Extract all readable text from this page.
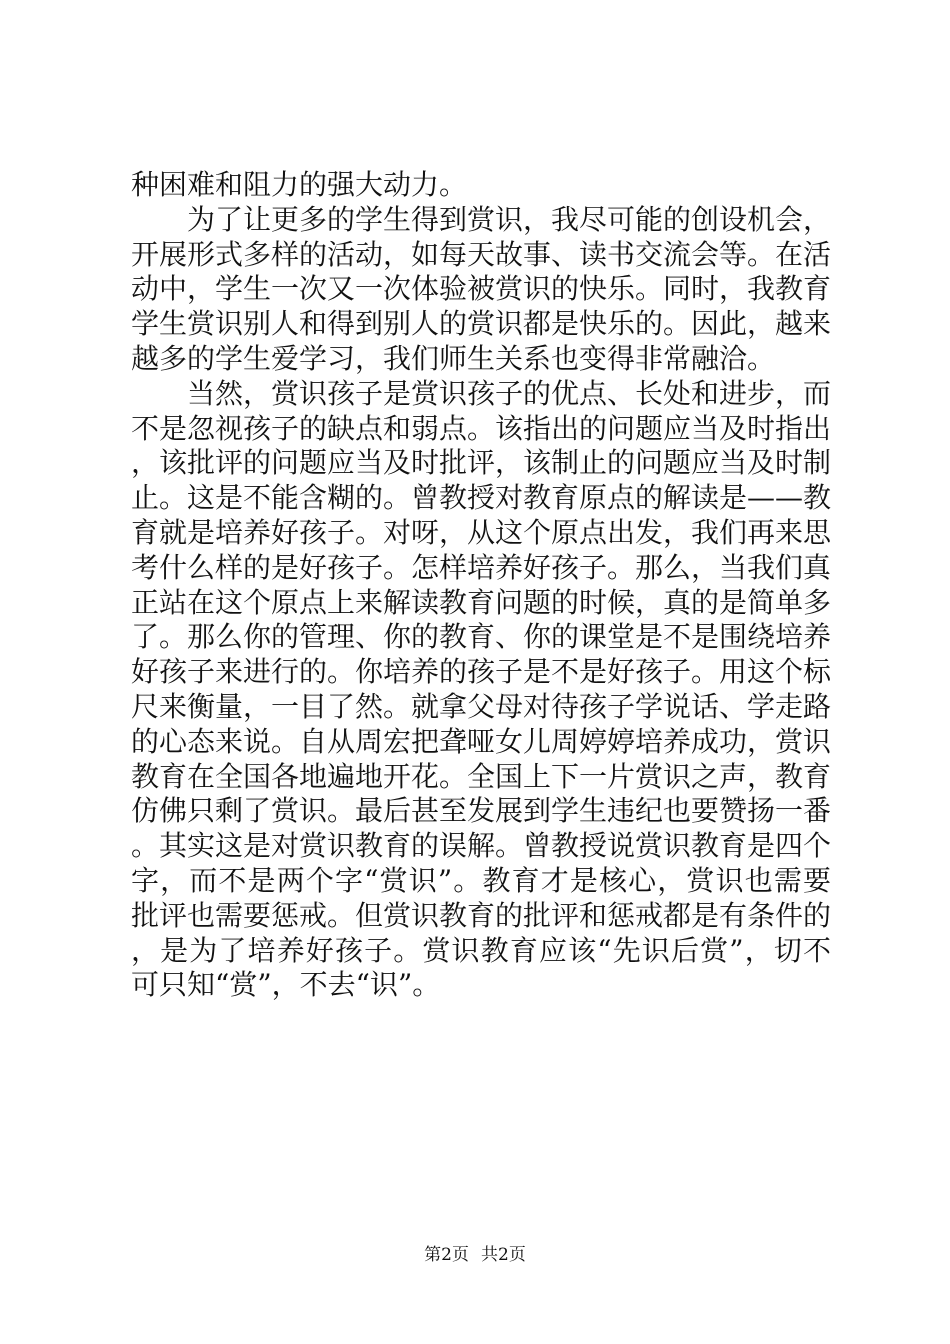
种困难和阻力的强大动力。

为了让更多的学生得到赏识，我尽可能的创设机会，开展形式多样的活动，如每天故事、读书交流会等。在活动中，学生一次又一次体验被赏识的快乐。同时，我教育学生赏识别人和得到别人的赏识都是快乐的。因此，越来越多的学生爱学习，我们师生关系也变得非常融洽。

当然，赏识孩子是赏识孩子的优点、长处和进步，而不是忽视孩子的缺点和弱点。该指出的问题应当及时指出，该批评的问题应当及时批评，该制止的问题应当及时制止。这是不能含糊的。曾教授对教育原点的解读是——教育就是培养好孩子。对呀，从这个原点出发，我们再来思考什么样的是好孩子。怎样培养好孩子。那么，当我们真正站在这个原点上来解读教育问题的时候，真的是简单多了。那么你的管理、你的教育、你的课堂是不是围绕培养好孩子来进行的。你培养的孩子是不是好孩子。用这个标尺来衡量，一目了然。就拿父母对待孩子学说话、学走路的心态来说。自从周宏把聋哑女儿周婷婷培养成功，赏识教育在全国各地遍地开花。全国上下一片赏识之声，教育仿佛只剩了赏识。最后甚至发展到学生违纪也要赞扬一番。其实这是对赏识教育的误解。曾教授说赏识教育是四个字，而不是两个字“赏识”。教育才是核心，赏识也需要批评也需要惩戒。但赏识教育的批评和惩戒都是有条件的，是为了培养好孩子。赏识教育应该“先识后赏”，切不可只知“赏”，不去“识”。

第2页 共2页
